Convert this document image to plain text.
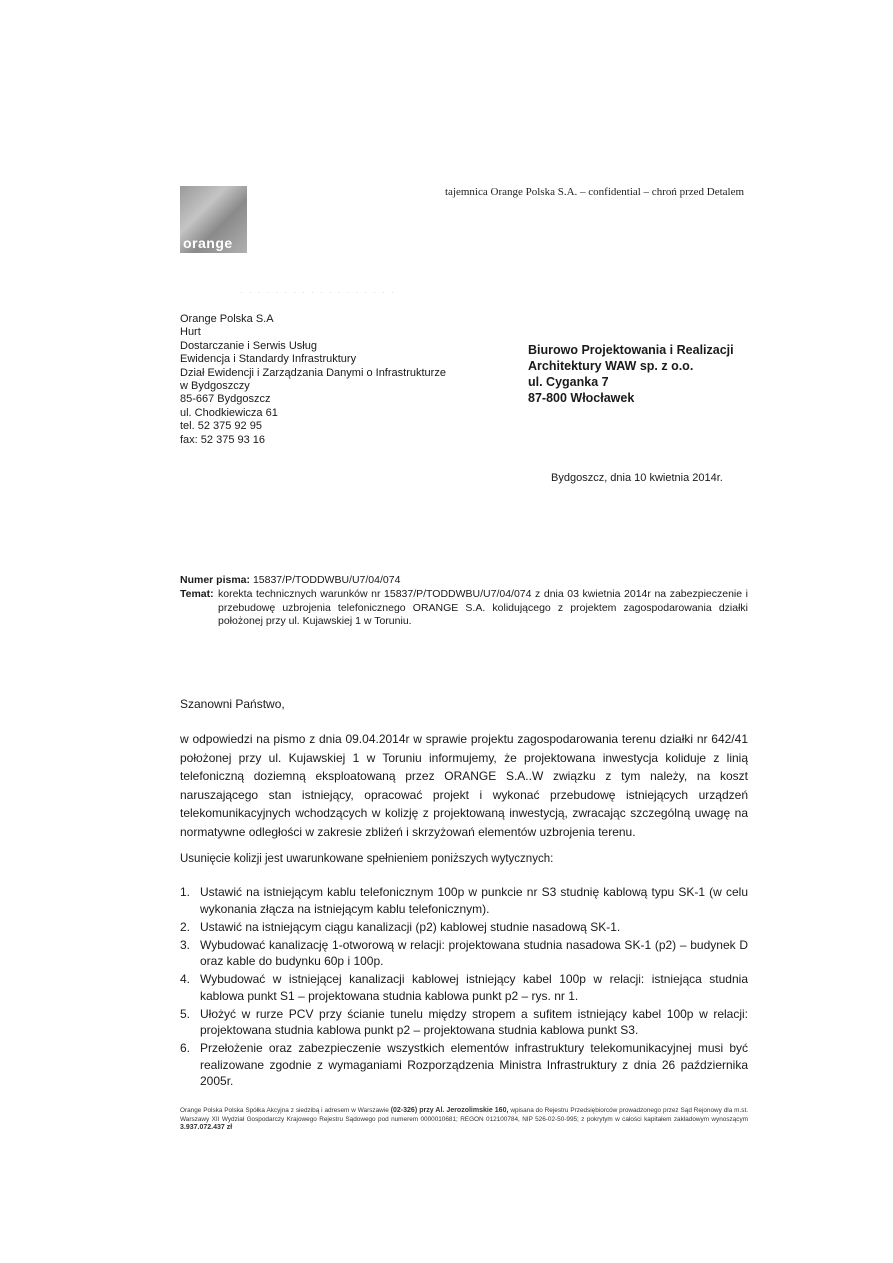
orange
tajemnica Orange Polska S.A. – confidential – chroń przed Detalem
· · · · · · · · · · · · · · · · · ·
Orange Polska S.A
Hurt
Dostarczanie i Serwis Usług
Ewidencja i Standardy Infrastruktury
Dział Ewidencji i Zarządzania Danymi o Infrastrukturze
w Bydgoszczy
85-667 Bydgoszcz
ul. Chodkiewicza 61
tel. 52 375 92 95
fax: 52 375 93 16
Biurowo Projektowania i Realizacji
Architektury WAW sp. z o.o.
ul. Cyganka 7
87-800 Włocławek
Bydgoszcz, dnia 10 kwietnia 2014r.
Numer pisma: 15837/P/TODDWBU/U7/04/074
Temat: korekta technicznych warunków nr 15837/P/TODDWBU/U7/04/074 z dnia 03 kwietnia 2014r na zabezpieczenie i przebudowę uzbrojenia telefonicznego ORANGE S.A. kolidującego z projektem zagospodarowania działki położonej przy ul. Kujawskiej 1 w Toruniu.
Szanowni Państwo,
w odpowiedzi na pismo z dnia 09.04.2014r w sprawie projektu zagospodarowania terenu działki nr 642/41 położonej przy ul. Kujawskiej 1 w Toruniu informujemy, że projektowana inwestycja koliduje z linią telefoniczną doziemną eksploatowaną przez ORANGE S.A..W związku z tym należy, na koszt naruszającego stan istniejący, opracować projekt i wykonać przebudowę istniejących urządzeń telekomunikacyjnych wchodzących w kolizję z projektowaną inwestycją, zwracając szczególną uwagę na normatywne odległości w zakresie zbliżeń i skrzyżowań elementów uzbrojenia terenu.
Usunięcie kolizji jest uwarunkowane spełnieniem poniższych wytycznych:
1. Ustawić na istniejącym kablu telefonicznym 100p w punkcie nr S3 studnię kablową typu SK-1 (w celu wykonania złącza na istniejącym kablu telefonicznym).
2. Ustawić na istniejącym ciągu kanalizacji (p2) kablowej studnie nasadową SK-1.
3. Wybudować kanalizację 1-otworową w relacji: projektowana studnia nasadowa SK-1 (p2) – budynek D oraz kable do budynku 60p i 100p.
4. Wybudować w istniejącej kanalizacji kablowej istniejący kabel 100p w relacji: istniejąca studnia kablowa punkt S1 – projektowana studnia kablowa punkt p2 – rys. nr 1.
5. Ułożyć w rurze PCV przy ścianie tunelu między stropem a sufitem istniejący kabel 100p w relacji: projektowana studnia kablowa punkt p2 – projektowana studnia kablowa punkt S3.
6. Przełożenie oraz zabezpieczenie wszystkich elementów infrastruktury telekomunikacyjnej musi być realizowane zgodnie z wymaganiami Rozporządzenia Ministra Infrastruktury z dnia 26 października 2005r.
Orange Polska Polska Spółka Akcyjna z siedzibą i adresem w Warszawie (02-326) przy Al. Jerozolimskie 160, wpisana do Rejestru Przedsiębiorców prowadzonego przez Sąd Rejonowy dla m.st. Warszawy XII Wydział Gospodarczy Krajowego Rejestru Sądowego pod numerem 0000010681; REGON 012100784, NIP 526-02-50-995; z pokrytym w całości kapitałem zakładowym wynoszącym 3.937.072.437 zł
